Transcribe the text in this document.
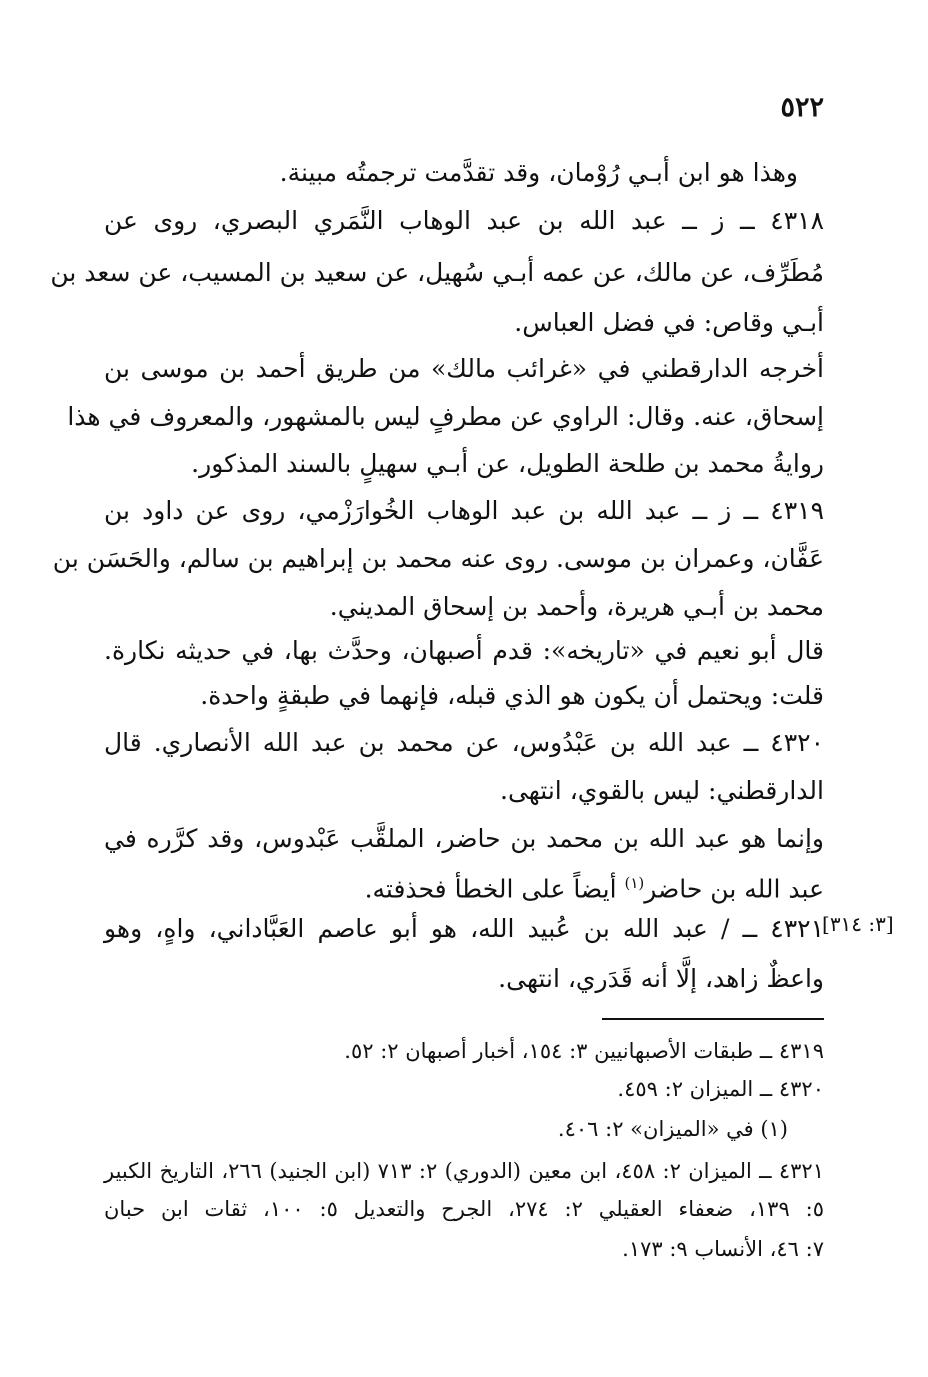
٥٢٢
وهذا هو ابن أبـي رُوْمان، وقد تقدَّمت ترجمتُه مبينة.
٤٣١٨ ــ ز ــ عبد الله بن عبد الوهاب النَّمَري البصري، روى عن
مُطَرِّف، عن مالك، عن عمه أبـي سُهيل، عن سعيد بن المسيب، عن سعد بن
أبـي وقاص: في فضل العباس.
أخرجه الدارقطني في «غرائب مالك» من طريق أحمد بن موسى بن
إسحاق، عنه. وقال: الراوي عن مطرفٍ ليس بالمشهور، والمعروف في هذا
روايةُ محمد بن طلحة الطويل، عن أبـي سهيلٍ بالسند المذكور.
٤٣١٩ ــ ز ــ عبد الله بن عبد الوهاب الخُوارَزْمي، روى عن داود بن
عَفَّان، وعمران بن موسى. روى عنه محمد بن إبراهيم بن سالم، والحَسَن بن
محمد بن أبـي هريرة، وأحمد بن إسحاق المديني.
قال أبو نعيم في «تاريخه»: قدم أصبهان، وحدَّث بها، في حديثه نكارة.
قلت: ويحتمل أن يكون هو الذي قبله، فإنهما في طبقةٍ واحدة.
٤٣٢٠ ــ عبد الله بن عَبْدُوس، عن محمد بن عبد الله الأنصاري. قال
الدارقطني: ليس بالقوي، انتهى.
وإنما هو عبد الله بن محمد بن حاضر، الملقَّب عَبْدوس، وقد كرَّره في
عبد الله بن حاضر$^{(١)}$ أيضاً على الخطأ فحذفته.
[٣: ٣١٤]
٤٣٢١ ــ / عبد الله بن عُبيد الله، هو أبو عاصم العَبَّاداني، واهٍ، وهو
واعظٌ زاهد، إلَّا أنه قَدَري، انتهى.
٤٣١٩ ــ طبقات الأصبهانيين ٣: ١٥٤، أخبار أصبهان ٢: ٥٢.
٤٣٢٠ ــ الميزان ٢: ٤٥٩.
(١) في «الميزان» ٢: ٤٠٦.
٤٣٢١ ــ الميزان ٢: ٤٥٨، ابن معين (الدوري) ٢: ٧١٣ (ابن الجنيد) ٢٦٦، التاريخ الكبير
٥: ١٣٩، ضعفاء العقيلي ٢: ٢٧٤، الجرح والتعديل ٥: ١٠٠، ثقات ابن حبان
٧: ٤٦، الأنساب ٩: ١٧٣.
